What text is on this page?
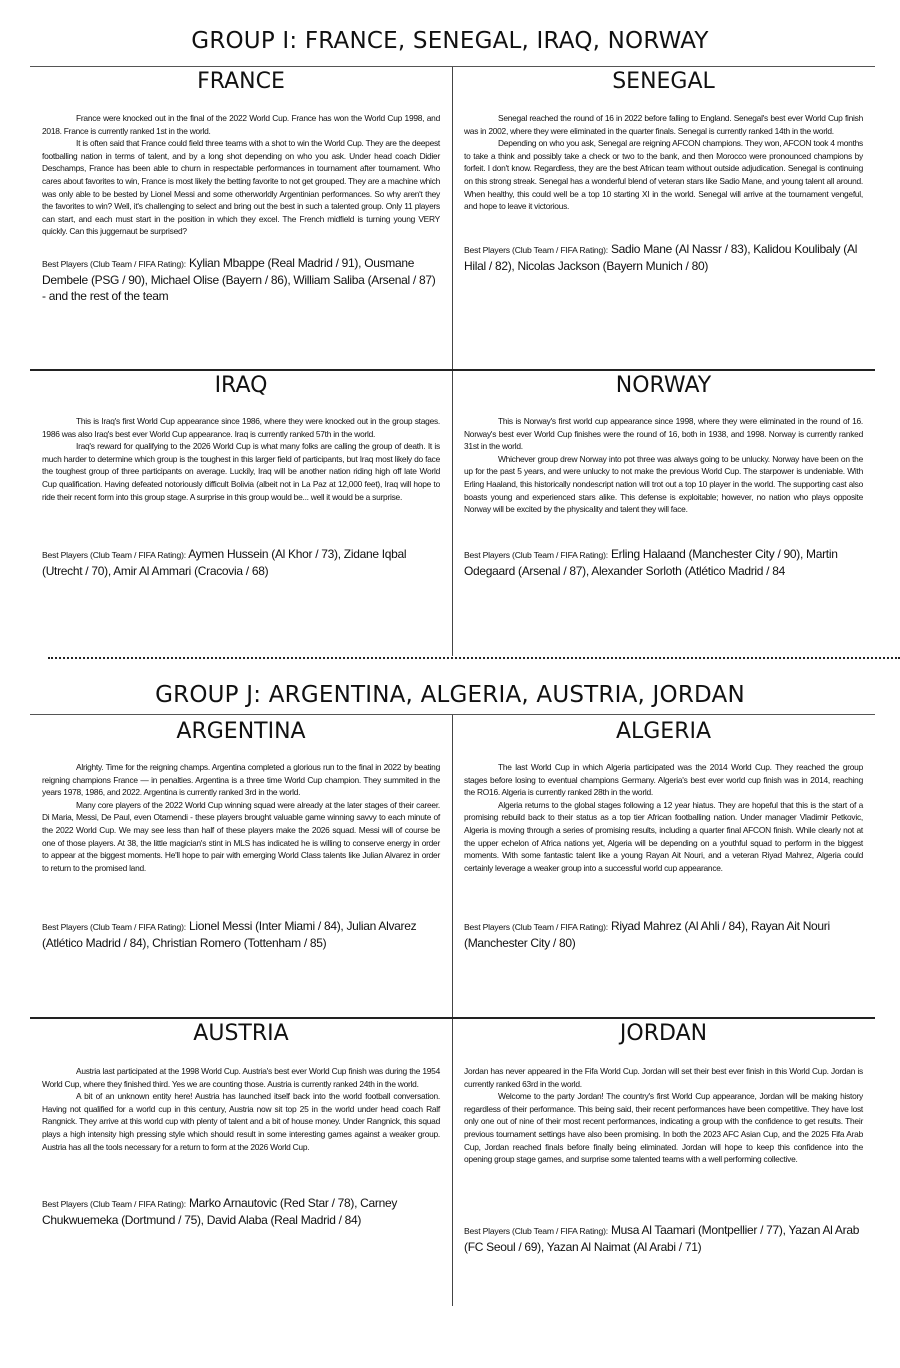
GROUP I: FRANCE, SENEGAL, IRAQ, NORWAY
FRANCE

France were knocked out in the final of the 2022 World Cup. France has won the World Cup 1998, and 2018. France is currently ranked 1st in the world.

It is often said that France could field three teams with a shot to win the World Cup. They are the deepest footballing nation in terms of talent, and by a long shot depending on who you ask. Under head coach Didier Deschamps, France has been able to churn in respectable performances in tournament after tournament. Who cares about favorites to win, France is most likely the betting favorite to not get grouped. They are a machine which was only able to be bested by Lionel Messi and some otherworldly Argentinian performances. So why aren't they the favorites to win? Well, it's challenging to select and bring out the best in such a talented group. Only 11 players can start, and each must start in the position in which they excel. The French midfield is turning young VERY quickly. Can this juggernaut be surprised?

Best Players (Club Team / FIFA Rating): Kylian Mbappe (Real Madrid / 91), Ousmane Dembele (PSG / 90), Michael Olise (Bayern / 86), William Saliba (Arsenal / 87) - and the rest of the team
SENEGAL

Senegal reached the round of 16 in 2022 before falling to England. Senegal's best ever World Cup finish was in 2002, where they were eliminated in the quarter finals. Senegal is currently ranked 14th in the world.

Depending on who you ask, Senegal are reigning AFCON champions. They won, AFCON took 4 months to take a think and possibly take a check or two to the bank, and then Morocco were pronounced champions by forfeit. I don't know. Regardless, they are the best African team without outside adjudication. Senegal is continuing on this strong streak. Senegal has a wonderful blend of veteran stars like Sadio Mane, and young talent all around. When healthy, this could well be a top 10 starting XI in the world. Senegal will arrive at the tournament vengeful, and hope to leave it victorious.

Best Players (Club Team / FIFA Rating): Sadio Mane (Al Nassr / 83), Kalidou Koulibaly (Al Hilal / 82), Nicolas Jackson (Bayern Munich / 80)
IRAQ

This is Iraq's first World Cup appearance since 1986, where they were knocked out in the group stages. 1986 was also Iraq's best ever World Cup appearance. Iraq is currently ranked 57th in the world.

Iraq's reward for qualifying to the 2026 World Cup is what many folks are calling the group of death. It is much harder to determine which group is the toughest in this larger field of participants, but Iraq most likely do face the toughest group of three participants on average. Luckily, Iraq will be another nation riding high off late World Cup qualification. Having defeated notoriously difficult Bolivia (albeit not in La Paz at 12,000 feet), Iraq will hope to ride their recent form into this group stage. A surprise in this group would be... well it would be a surprise.

Best Players (Club Team / FIFA Rating): Aymen Hussein (Al Khor / 73), Zidane Iqbal (Utrecht / 70), Amir Al Ammari (Cracovia / 68)
NORWAY

This is Norway's first world cup appearance since 1998, where they were eliminated in the round of 16. Norway's best ever World Cup finishes were the round of 16, both in 1938, and 1998. Norway is currently ranked 31st in the world.

Whichever group drew Norway into pot three was always going to be unlucky. Norway have been on the up for the past 5 years, and were unlucky to not make the previous World Cup. The starpower is undeniable. With Erling Haaland, this historically nondescript nation will trot out a top 10 player in the world. The supporting cast also boasts young and experienced stars alike. This defense is exploitable; however, no nation who plays opposite Norway will be excited by the physicality and talent they will face.

Best Players (Club Team / FIFA Rating): Erling Halaand (Manchester City / 90), Martin Odegaard (Arsenal / 87), Alexander Sorloth (Atlético Madrid / 84
GROUP J: ARGENTINA, ALGERIA, AUSTRIA, JORDAN
ARGENTINA

Alrighty. Time for the reigning champs. Argentina completed a glorious run to the final in 2022 by beating reigning champions France — in penalties. Argentina is a three time World Cup champion. They summited in the years 1978, 1986, and 2022. Argentina is currently ranked 3rd in the world.

Many core players of the 2022 World Cup winning squad were already at the later stages of their career. Di Maria, Messi, De Paul, even Otamendi - these players brought valuable game winning savvy to each minute of the 2022 World Cup. We may see less than half of these players make the 2026 squad. Messi will of course be one of those players. At 38, the little magician's stint in MLS has indicated he is willing to conserve energy in order to appear at the biggest moments. He'll hope to pair with emerging World Class talents like Julian Alvarez in order to return to the promised land.

Best Players (Club Team / FIFA Rating): Lionel Messi (Inter Miami / 84), Julian Alvarez (Atlético Madrid / 84), Christian Romero (Tottenham / 85)
ALGERIA

The last World Cup in which Algeria participated was the 2014 World Cup. They reached the group stages before losing to eventual champions Germany. Algeria's best ever world cup finish was in 2014, reaching the RO16. Algeria is currently ranked 28th in the world.

Algeria returns to the global stages following a 12 year hiatus. They are hopeful that this is the start of a promising rebuild back to their status as a top tier African footballing nation. Under manager Vladimir Petkovic, Algeria is moving through a series of promising results, including a quarter final AFCON finish. While clearly not at the upper echelon of Africa nations yet, Algeria will be depending on a youthful squad to perform in the biggest moments. With some fantastic talent like a young Rayan Ait Nouri, and a veteran Riyad Mahrez, Algeria could certainly leverage a weaker group into a successful world cup appearance.

Best Players (Club Team / FIFA Rating): Riyad Mahrez (Al Ahli / 84), Rayan Ait Nouri (Manchester City / 80)
AUSTRIA

Austria last participated at the 1998 World Cup. Austria's best ever World Cup finish was during the 1954 World Cup, where they finished third. Yes we are counting those. Austria is currently ranked 24th in the world.

A bit of an unknown entity here! Austria has launched itself back into the world football conversation. Having not qualified for a world cup in this century, Austria now sit top 25 in the world under head coach Ralf Rangnick. They arrive at this world cup with plenty of talent and a bit of house money. Under Rangnick, this squad plays a high intensity high pressing style which should result in some interesting games against a weaker group. Austria has all the tools necessary for a return to form at the 2026 World Cup.

Best Players (Club Team / FIFA Rating): Marko Arnautovic (Red Star / 78), Carney Chukwuemeka (Dortmund / 75), David Alaba (Real Madrid / 84)
JORDAN

Jordan has never appeared in the Fifa World Cup. Jordan will set their best ever finish in this World Cup. Jordan is currently ranked 63rd in the world.

Welcome to the party Jordan! The country's first World Cup appearance, Jordan will be making history regardless of their performance. This being said, their recent performances have been competitive. They have lost only one out of nine of their most recent performances, indicating a group with the confidence to get results. Their previous tournament settings have also been promising. In both the 2023 AFC Asian Cup, and the 2025 Fifa Arab Cup, Jordan reached finals before finally being eliminated. Jordan will hope to keep this confidence into the opening group stage games, and surprise some talented teams with a well performing collective.

Best Players (Club Team / FIFA Rating): Musa Al Taamari (Montpellier / 77), Yazan Al Arab (FC Seoul / 69), Yazan Al Naimat (Al Arabi / 71)
